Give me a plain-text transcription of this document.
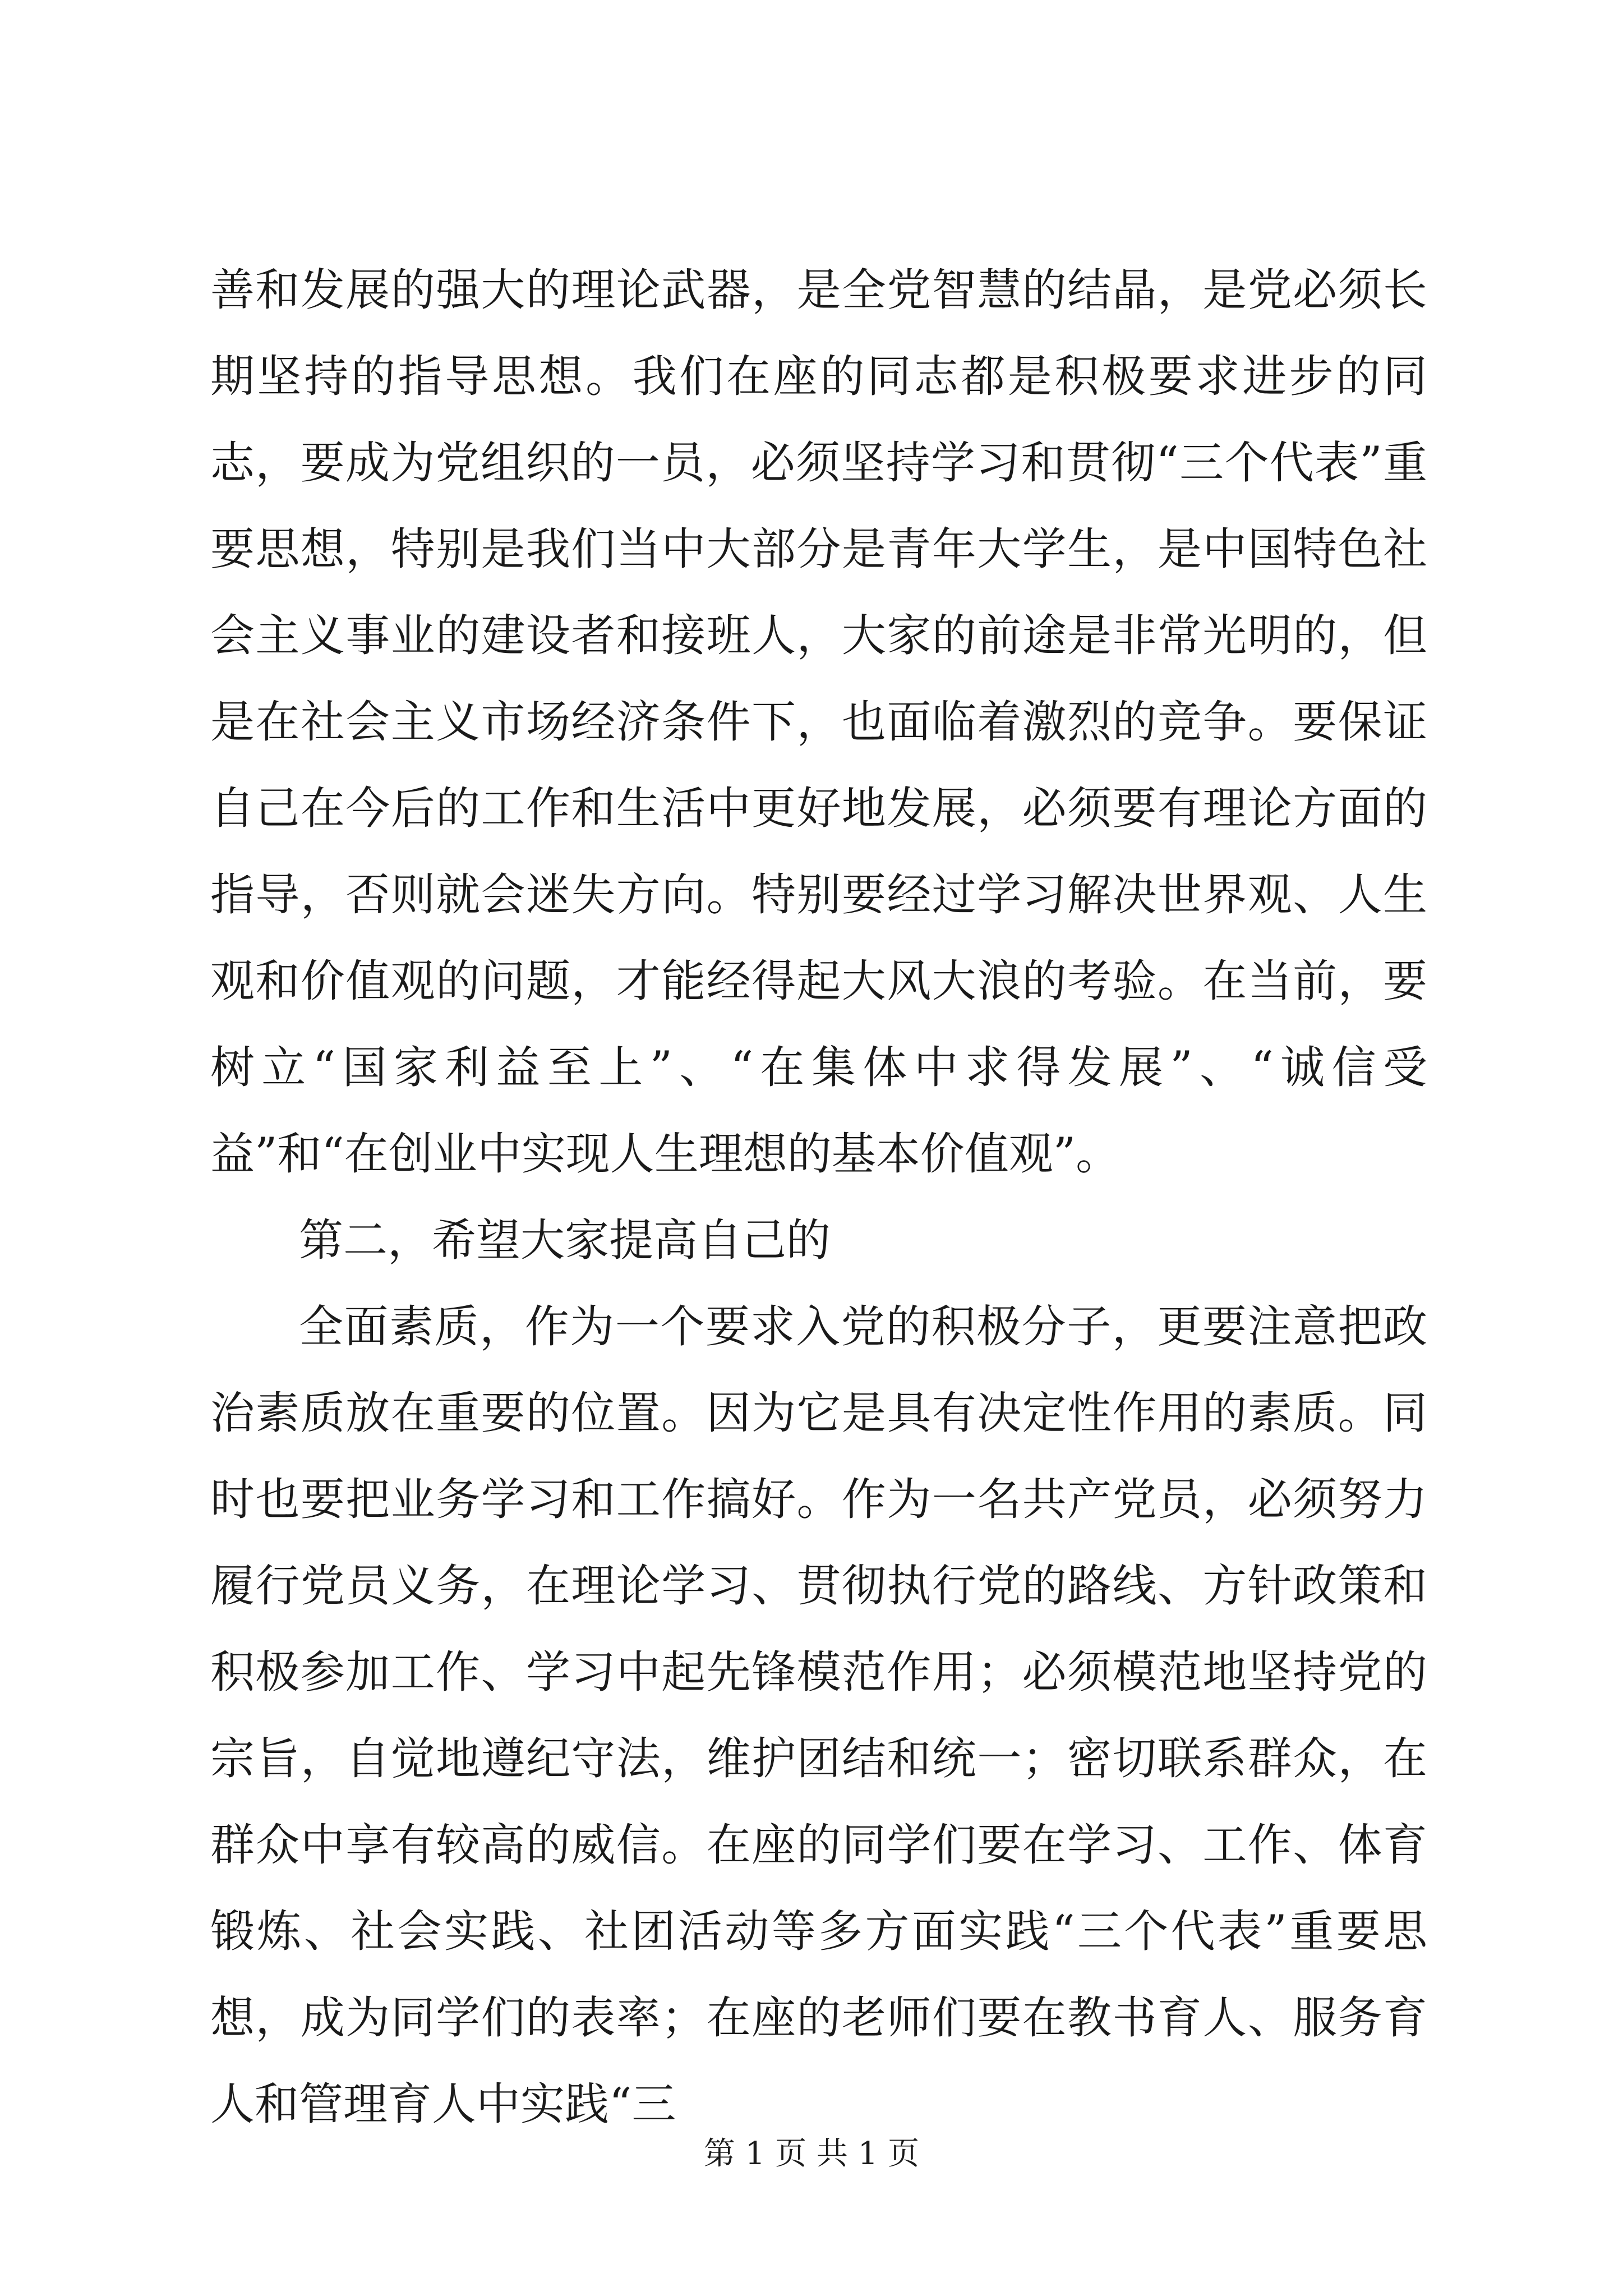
善和发展的强大的理论武器，是全党智慧的结晶，是党必须长期坚持的指导思想。我们在座的同志都是积极要求进步的同志，要成为党组织的一员，必须坚持学习和贯彻“三个代表”重要思想，特别是我们当中大部分是青年大学生，是中国特色社会主义事业的建设者和接班人，大家的前途是非常光明的，但是在社会主义市场经济条件下，也面临着激烈的竞争。要保证自己在今后的工作和生活中更好地发展，必须要有理论方面的指导，否则就会迷失方向。特别要经过学习解决世界观、人生观和价值观的问题，才能经得起大风大浪的考验。在当前，要树立“国家利益至上”、“在集体中求得发展”、“诚信受益”和“在创业中实现人生理想的基本价值观”。

第二，希望大家提高自己的

全面素质，作为一个要求入党的积极分子，更要注意把政治素质放在重要的位置。因为它是具有决定性作用的素质。同时也要把业务学习和工作搞好。作为一名共产党员，必须努力履行党员义务，在理论学习、贯彻执行党的路线、方针政策和积极参加工作、学习中起先锋模范作用；必须模范地坚持党的宗旨，自觉地遵纪守法，维护团结和统一；密切联系群众，在群众中享有较高的威信。在座的同学们要在学习、工作、体育锻炼、社会实践、社团活动等多方面实践“三个代表”重要思想，成为同学们的表率；在座的老师们要在教书育人、服务育人和管理育人中实践“三

第 1 页 共 1 页
